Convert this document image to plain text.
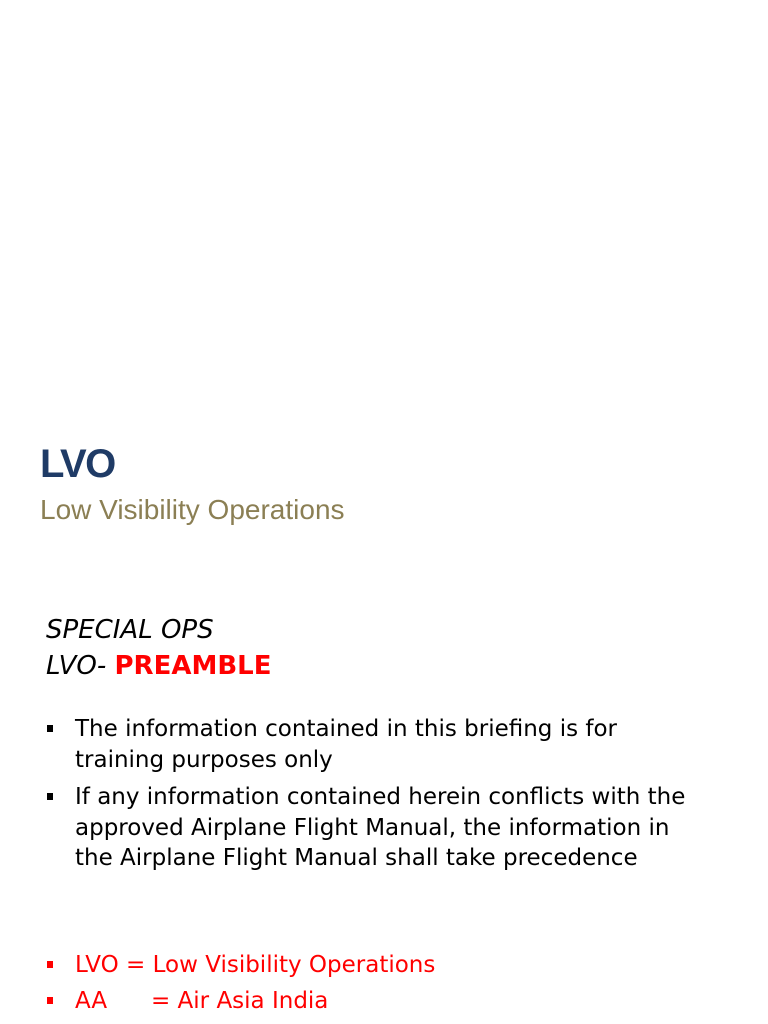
LVO

Low Visibility Operations

SPECIAL OPS
LVO- PREAMBLE
The information contained in this briefing is for training purposes only
If any information contained herein conflicts with the approved Airplane Flight Manual, the information in the Airplane Flight Manual shall take precedence
LVO = Low Visibility Operations
AA      = Air Asia India
